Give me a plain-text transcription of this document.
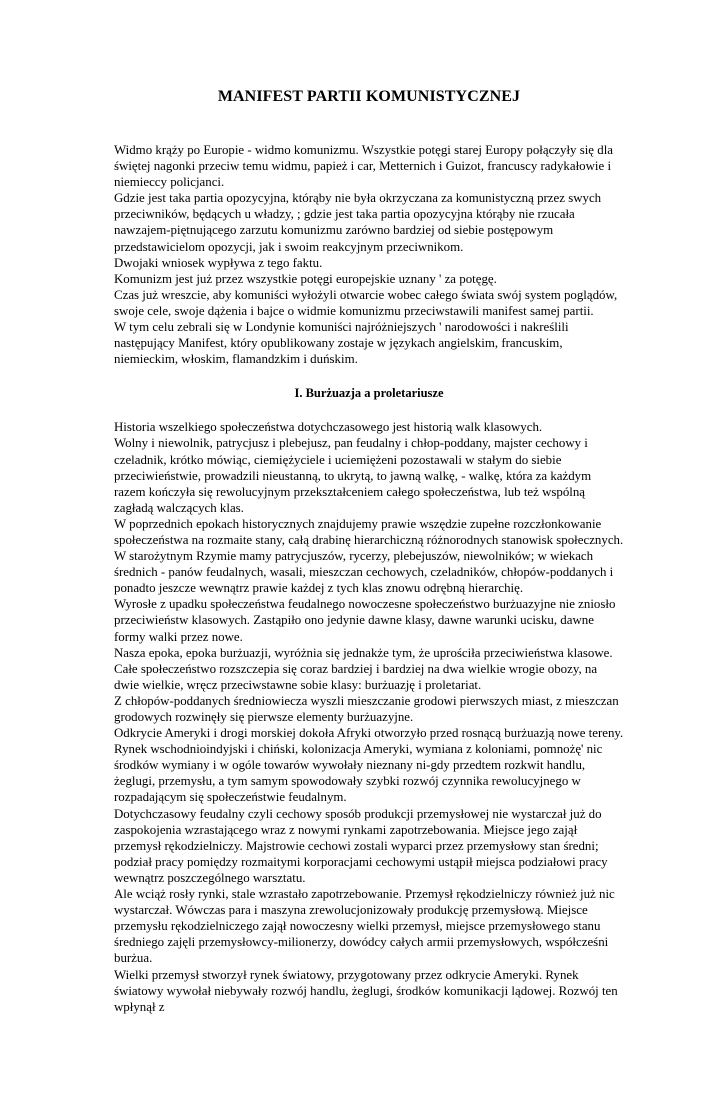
MANIFEST PARTII KOMUNISTYCZNEJ

Widmo krąży po Europie - widmo komunizmu. Wszystkie potęgi starej Europy połączyły się dla świętej nagonki przeciw temu widmu, papież i car, Metternich i Guizot, francuscy radykałowie i niemieccy policjanci.

Gdzie jest taka partia opozycyjna, którąby nie była okrzyczana za komunistyczną przez swych przeciwników, będących u władzy, ; gdzie jest taka partia opozycyjna którąby nie rzucała nawzajem-piętnującego zarzutu komunizmu zarówno bardziej od siebie postępowym przedstawicielom opozycji, jak i swoim reakcyjnym przeciwnikom.

Dwojaki wniosek wypływa z tego faktu.

Komunizm jest już przez wszystkie potęgi europejskie uznany ' za potęgę.

Czas już wreszcie, aby komuniści wyłożyli otwarcie wobec całego świata swój system poglądów, swoje cele, swoje dążenia i bajce o widmie komunizmu przeciwstawili manifest samej partii.

W tym celu zebrali się w Londynie komuniści najróżniejszych ' narodowości i nakreślili następujący Manifest, który opublikowany zostaje w językach angielskim, francuskim, niemieckim, włoskim, flamandzkim i duńskim.

I. Burżuazja a proletariusze

Historia wszelkiego społeczeństwa dotychczasowego jest historią walk klasowych.

Wolny i niewolnik, patrycjusz i plebejusz, pan feudalny i chłop-poddany, majster cechowy i czeladnik, krótko mówiąc, ciemiężyciele i uciemiężeni pozostawali w stałym do siebie przeciwieństwie, prowadzili nieustanną, to ukrytą, to jawną walkę, - walkę, która za każdym razem kończyła się rewolucyjnym przekształceniem całego społeczeństwa, lub też wspólną zagładą walczących klas.

W poprzednich epokach historycznych znajdujemy prawie wszędzie zupełne rozczłonkowanie społeczeństwa na rozmaite stany, całą drabinę hierarchiczną różnorodnych stanowisk społecznych. W starożytnym Rzymie mamy patrycjuszów, rycerzy, plebejuszów, niewolników; w wiekach średnich - panów feudalnych, wasali, mieszczan cechowych, czeladników, chłopów-poddanych i ponadto jeszcze wewnątrz prawie każdej z tych klas znowu odrębną hierarchię.

Wyrosłe z upadku społeczeństwa feudalnego nowoczesne społeczeństwo burżuazyjne nie zniosło przeciwieństw klasowych. Zastąpiło ono jedynie dawne klasy, dawne warunki ucisku, dawne formy walki przez nowe.

Nasza epoka, epoka burżuazji, wyróżnia się jednakże tym, że uprościła przeciwieństwa klasowe. Całe społeczeństwo rozszczepia się coraz bardziej i bardziej na dwa wielkie wrogie obozy, na dwie wielkie, wręcz przeciwstawne sobie klasy: burżuazję i proletariat.

Z chłopów-poddanych średniowiecza wyszli mieszczanie grodowi pierwszych miast, z mieszczan grodowych rozwinęły się pierwsze elementy burżuazyjne.

Odkrycie Ameryki i drogi morskiej dokoła Afryki otworzyło przed rosnącą burżuazją nowe tereny. Rynek wschodnioindyjski i chiński, kolonizacja Ameryki, wymiana z koloniami, pomnożę' nic środków wymiany i w ogóle towarów wywołały nieznany ni-gdy przedtem rozkwit handlu, żeglugi, przemysłu, a tym samym spowodowały szybki rozwój czynnika rewolucyjnego w rozpadającym się społeczeństwie feudalnym.

Dotychczasowy feudalny czyli cechowy sposób produkcji przemysłowej nie wystarczał już do zaspokojenia wzrastającego wraz z nowymi rynkami zapotrzebowania. Miejsce jego zajął przemysł rękodzielniczy. Majstrowie cechowi zostali wyparci przez przemysłowy stan średni; podział pracy pomiędzy rozmaitymi korporacjami cechowymi ustąpił miejsca podziałowi pracy wewnątrz poszczególnego warsztatu.

Ale wciąż rosły rynki, stale wzrastało zapotrzebowanie. Przemysł rękodzielniczy również już nic wystarczał. Wówczas para i maszyna zrewolucjonizowały produkcję przemysłową. Miejsce przemysłu rękodzielniczego zajął nowoczesny wielki przemysł, miejsce przemysłowego stanu średniego zajęli przemysłowcy-milionerzy, dowódcy całych armii przemysłowych, współcześni burżua.

Wielki przemysł stworzył rynek światowy, przygotowany przez odkrycie Ameryki. Rynek światowy wywołał niebywały rozwój handlu, żeglugi, środków komunikacji lądowej. Rozwój ten wpłynął z
